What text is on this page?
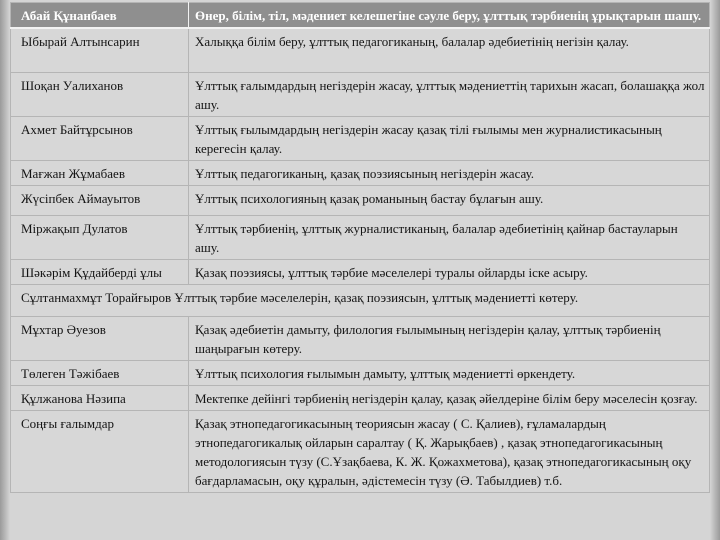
Абай Құнанбаев	Өнер, білім, тіл, мәдениет келешегіне сәуле беру, ұлттық тәрбиенің ұрықтарын шашу.
Ыбырай Алтынсарин	Халыққа білім беру, ұлттық педагогиканың, балалар әдебиетінің негізін қалау.
Шоқан Уалиханов	Ұлттық ғалымдардың негіздерін жасау, ұлттық мәдениеттің тарихын жасап, болашаққа жол ашу.
Ахмет Байтұрсынов	Ұлттық ғылымдардың негіздерін жасау қазақ тілі ғылымы мен журналистикасының керегесін қалау.
Мағжан Жұмабаев	Ұлттық педагогиканың, қазақ поэзиясының негіздерін жасау.
Жүсіпбек Аймауытов	Ұлттық психологияның қазақ романының бастау бұлағын ашу.
Міржақып Дулатов	Ұлттық тәрбиенің, ұлттық журналистиканың, балалар әдебиетінің қайнар бастауларын ашу.
Шәкәрім Құдайберді ұлы	Қазақ поэзиясы, ұлттық тәрбие мәселелері туралы ойларды іске асыру.
Сұлтанмахмұт Торайғыров Ұлттық тәрбие мәселелерін, қазақ поэзиясын, ұлттық мәдениетті көтеру.	
Мұхтар Әуезов	Қазақ әдебиетін дамыту, филология ғылымының негіздерін қалау, ұлттық тәрбиенің шаңырағын көтеру.
Төлеген Тәжібаев	Ұлттық психология ғылымын дамыту, ұлттық мәдениетті өркендету.
Құлжанова Нәзипа	Мектепке дейінгі тәрбиенің негіздерін қалау, қазақ әйелдеріне білім беру мәселесін қозғау.
Соңғы ғалымдар	Қазақ этнопедагогикасының теориясын жасау ( С. Қалиев), ғұламалардың этнопедагогикалық ойларын саралтау ( Қ. Жарықбаев) , қазақ этнопедагогикасының методологиясын түзу (С.Ұзақбаева, К. Ж. Қожахметова), қазақ этнопедагогикасының оқу бағдарламасын, оқу құралын, әдістемесін түзу (Ә. Табылдиев) т.б.
